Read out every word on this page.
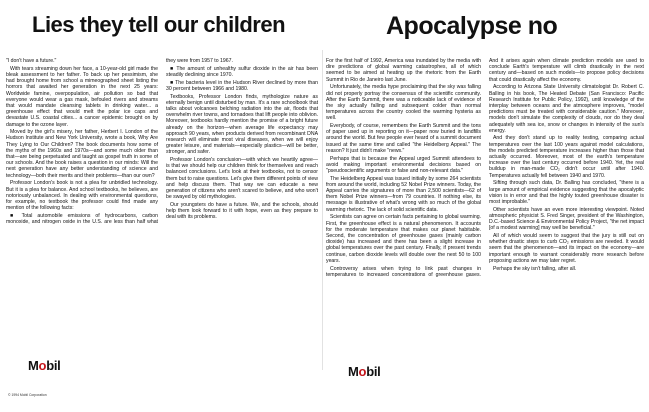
Lies they tell our children

"I don't have a future."

With tears streaming down her face, a 10-year-old girl made the bleak assessment to her father. To back up her pessimism, she had brought home from school a mimeographed sheet listing the horrors that awaited her generation in the next 25 years: Worldwide famine, overpopulation, air pollution so bad that everyone would wear a gas mask, befouled rivers and streams that would mandate cleansing tablets in drinking water... a greenhouse effect that would melt the polar ice caps and devastate U.S. coastal cities... a cancer epidemic brought on by damage to the ozone layer.

Moved by the girl's misery, her father, Herbert I. London of the Hudson Institute and New York University, wrote a book, Why Are They Lying to Our Children? The book documents how some of the myths of the 1960s and 1970s—and some much older than that—are being perpetuated and taught as gospel truth in some of our schools. And the book raises a question in our minds: Will the next generation have any better understanding of science and technology—both their merits and their problems—than our own?

Professor London's book is not a plea for unbridled technology. But it is a plea for balance. And school textbooks, he believes, are notoriously unbalanced. In dealing with environmental questions, for example, no textbook the professor could find made any mention of the following facts:

■ Total automobile emissions of hydrocarbons, carbon monoxide, and nitrogen oxide in the U.S. are less than half what they were from 1957 to 1967.

■ The amount of unhealthy sulfur dioxide in the air has been steadily declining since 1970.

■ The bacteria level in the Hudson River declined by more than 30 percent between 1966 and 1980.

Textbooks, Professor London finds, mythologize nature as eternally benign until disturbed by man. It's a rare schoolbook that talks about volcanoes belching radiation into the air, floods that overwhelm river towns, and tornadoes that lift people into oblivion. Moreover, textbooks hardly mention the promise of a bright future already on the horizon—when average life expectancy may approach 90 years, when products derived from recombinant DNA research will eliminate most viral diseases, when we will enjoy greater leisure, and materials—especially plastics—will be better, stronger, and safer.

Professor London's conclusion—with which we heartily agree—is that we should help our children think for themselves and reach balanced conclusions. Let's look at their textbooks, not to censor them but to raise questions. Let's give them different points of view and help discuss them. That way we can educate a new generation of citizens who aren't scared to believe, and who won't be swayed by old mythologies.

Our youngsters do have a future. We, and the schools, should help them look forward to it with hope, even as they prepare to deal with its problems.

Mobil
© 1994 Mobil Corporation
Apocalypse no

For the first half of 1992, America was inundated by the media with dire predictions of global warming catastrophes, all of which seemed to be aimed at heating up the rhetoric from the Earth Summit in Rio de Janeiro last June.

Unfortunately, the media hype proclaiming that the sky was falling did not properly portray the consensus of the scientific community. After the Earth Summit, there was a noticeable lack of evidence of the sky actually falling and subsequent colder than normal temperatures across the country cooled the warming hysteria as well.

Everybody, of course, remembers the Earth Summit and the tons of paper used up in reporting on it—paper now buried in landfills around the world. But few people ever heard of a summit document issued at the same time and called "the Heidelberg Appeal." The reason? It just didn't make "news."

Perhaps that is because the Appeal urged Summit attendees to avoid making important environmental decisions based on "pseudoscientific arguments or false and non-relevant data."

The Heidelberg Appeal was issued initially by some 264 scientists from around the world, including 52 Nobel Prize winners. Today, the Appeal carries the signatures of more than 2,500 scientists—62 of them Nobel Prize winners—from 79 countries. If nothing else, its message is illustrative of what's wrong with so much of the global warming rhetoric. The lack of solid scientific data.

Scientists can agree on certain facts pertaining to global warming. First, the greenhouse effect is a natural phenomenon. It accounts for the moderate temperature that makes our planet habitable. Second, the concentration of greenhouse gases (mainly carbon dioxide) has increased and there has been a slight increase in global temperatures over the past century. Finally, if present trends continue, carbon dioxide levels will double over the next 50 to 100 years.

Controversy arises when trying to link past changes in temperatures to increased concentrations of greenhouse gases. And it arises again when climate prediction models are used to conclude Earth's temperature will climb drastically in the next century and—based on such models—to propose policy decisions that could drastically affect the economy.

According to Arizona State University climatologist Dr. Robert C. Balling in his book, The Heated Debate (San Francisco: Pacific Research Institute for Public Policy, 1992), until knowledge of the interplay between oceans and the atmosphere improves, "model predictions must be treated with considerable caution." Moreover, models don't simulate the complexity of clouds, nor do they deal adequately with sea ice, snow or changes in intensity of the sun's energy.

And they don't stand up to reality testing, comparing actual temperatures over the last 100 years against model calculations, the models predicted temperature increases higher than those that actually occurred. Moreover, most of the earth's temperature increase over the last century occurred before 1940. Yet, the real buildup in man-made CO₂ didn't occur until after 1940. Temperatures actually fell between 1940 and 1970.

Sifting through such data, Dr. Balling has concluded, "there is a large amount of empirical evidence suggesting that the apocalyptic vision is in error and that the highly touted greenhouse disaster is most improbable."

Other scientists have an even more interesting viewpoint. Noted atmospheric physicist S. Fred Singer, president of the Washington, D.C.-based Science & Environmental Policy Project, "the net impact [of a modest warming] may well be beneficial."

All of which would seem to suggest that the jury is still out on whether drastic steps to curb CO₂ emissions are needed. It would seem that the phenomenon—and its impact on the economy—are important enough to warrant considerably more research before proposing actions we may later regret.

Perhaps the sky isn't falling, after all.

Mobil
